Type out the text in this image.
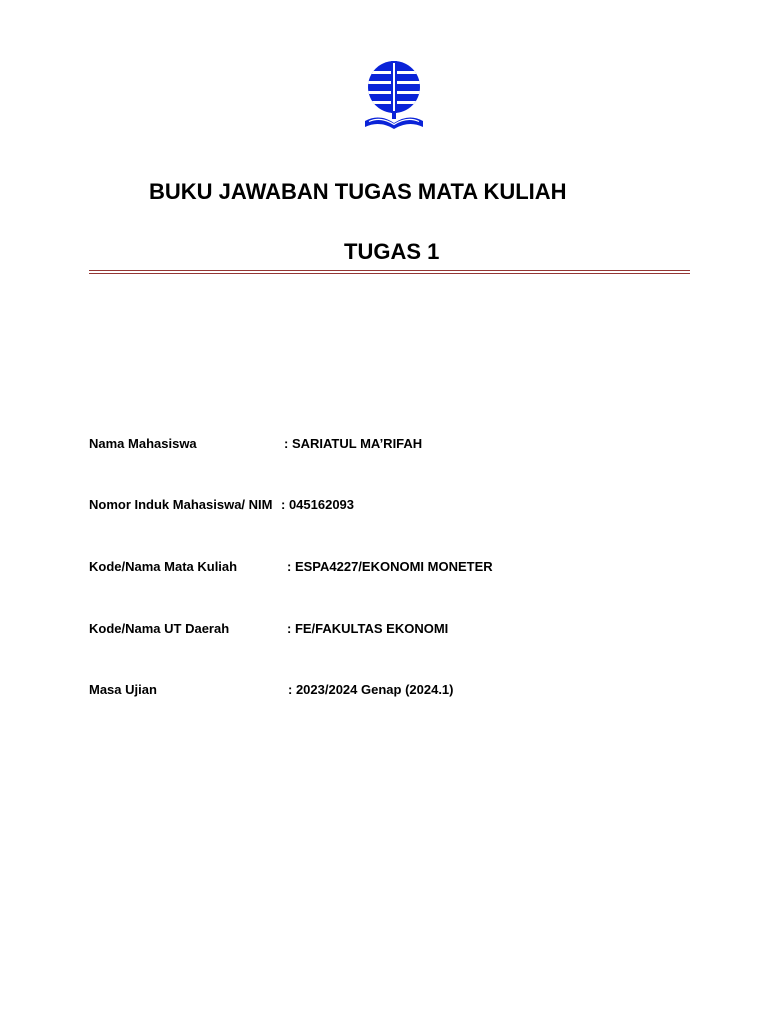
BUKU JAWABAN TUGAS MATA KULIAH
TUGAS 1
Nama Mahasiswa	: SARIATUL MA’RIFAH
Nomor Induk Mahasiswa/ NIM : 045162093
Kode/Nama Mata Kuliah	: ESPA4227/EKONOMI MONETER
Kode/Nama UT Daerah	: FE/FAKULTAS EKONOMI
Masa Ujian	: 2023/2024 Genap (2024.1)
